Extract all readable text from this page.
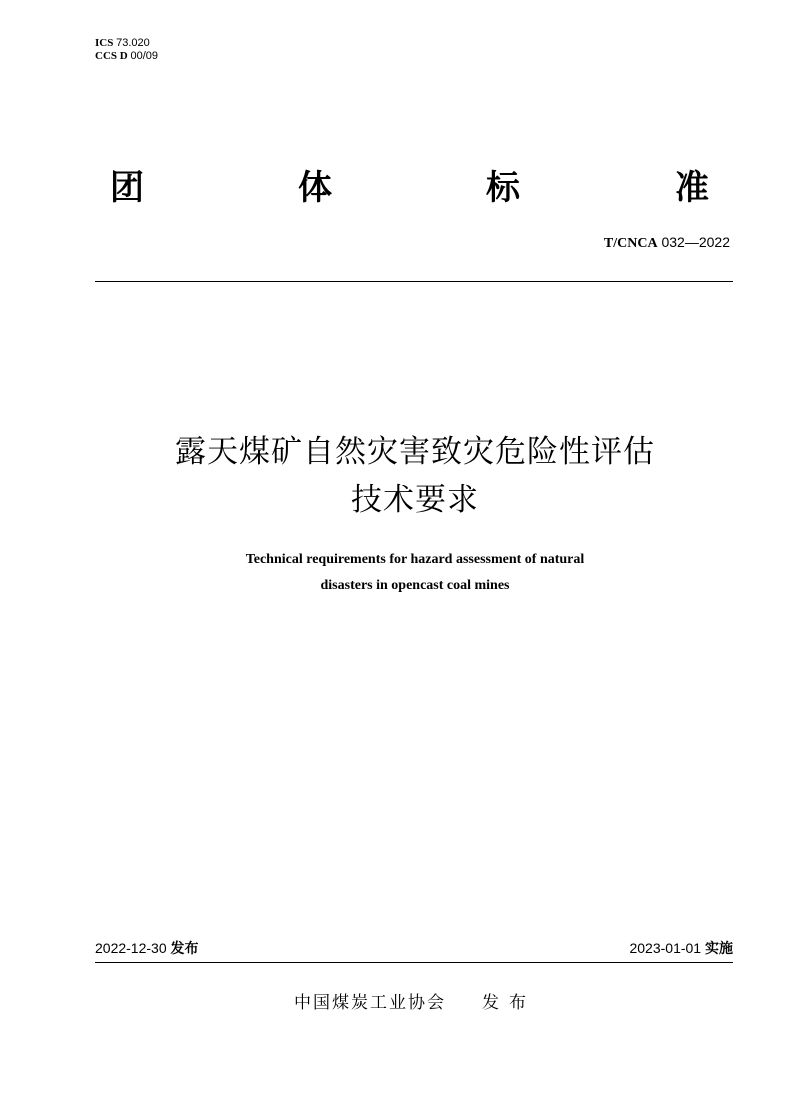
ICS 73.020
CCS D 00/09
团	体	标	准
T/CNCA 032—2022
露天煤矿自然灾害致灾危险性评估
技术要求
Technical requirements for hazard assessment of natural
disasters in opencast coal mines
2022-12-30 发布	2023-01-01 实施
中国煤炭工业协会 发布
